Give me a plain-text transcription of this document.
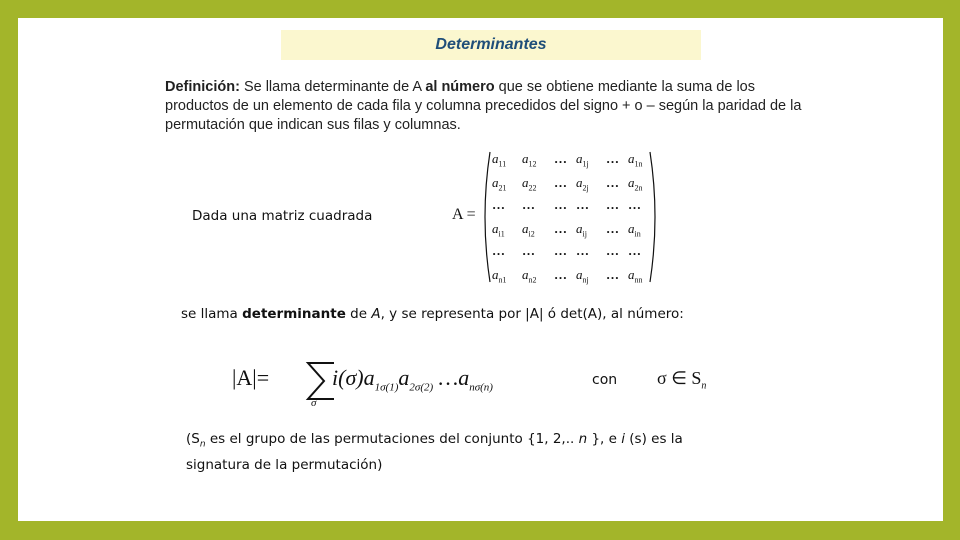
Determinantes
Definición: Se llama determinante de A al número que se obtiene mediante la suma de los productos de un elemento de cada fila y columna precedidos del signo + o – según la paridad de la permutación que indican sus filas y columnas.
Dada una matriz cuadrada	A =
$a_{11}$ $a_{12}$ … $a_{1j}$ … $a_{1n}$
$a_{21}$ $a_{22}$ … $a_{2j}$ … $a_{2n}$
… … … … … …
$a_{i1}$ $a_{i2}$ … $a_{ij}$ … $a_{in}$
… … … … … …
$a_{n1}$ $a_{n2}$ … $a_{nj}$ … $a_{nn}$
se llama determinante de A, y se representa por |A| ó det(A), al número:
|A|=
σ
$i(\sigma)a_{1\sigma(1)}a_{2\sigma(2)}$ $\dots a_{n\sigma(n)}$	con σ ∈ $S_n$
($S_n$ es el grupo de las permutaciones del conjunto {1, 2,.. n }, e i (s) es la signatura de la permutación)
